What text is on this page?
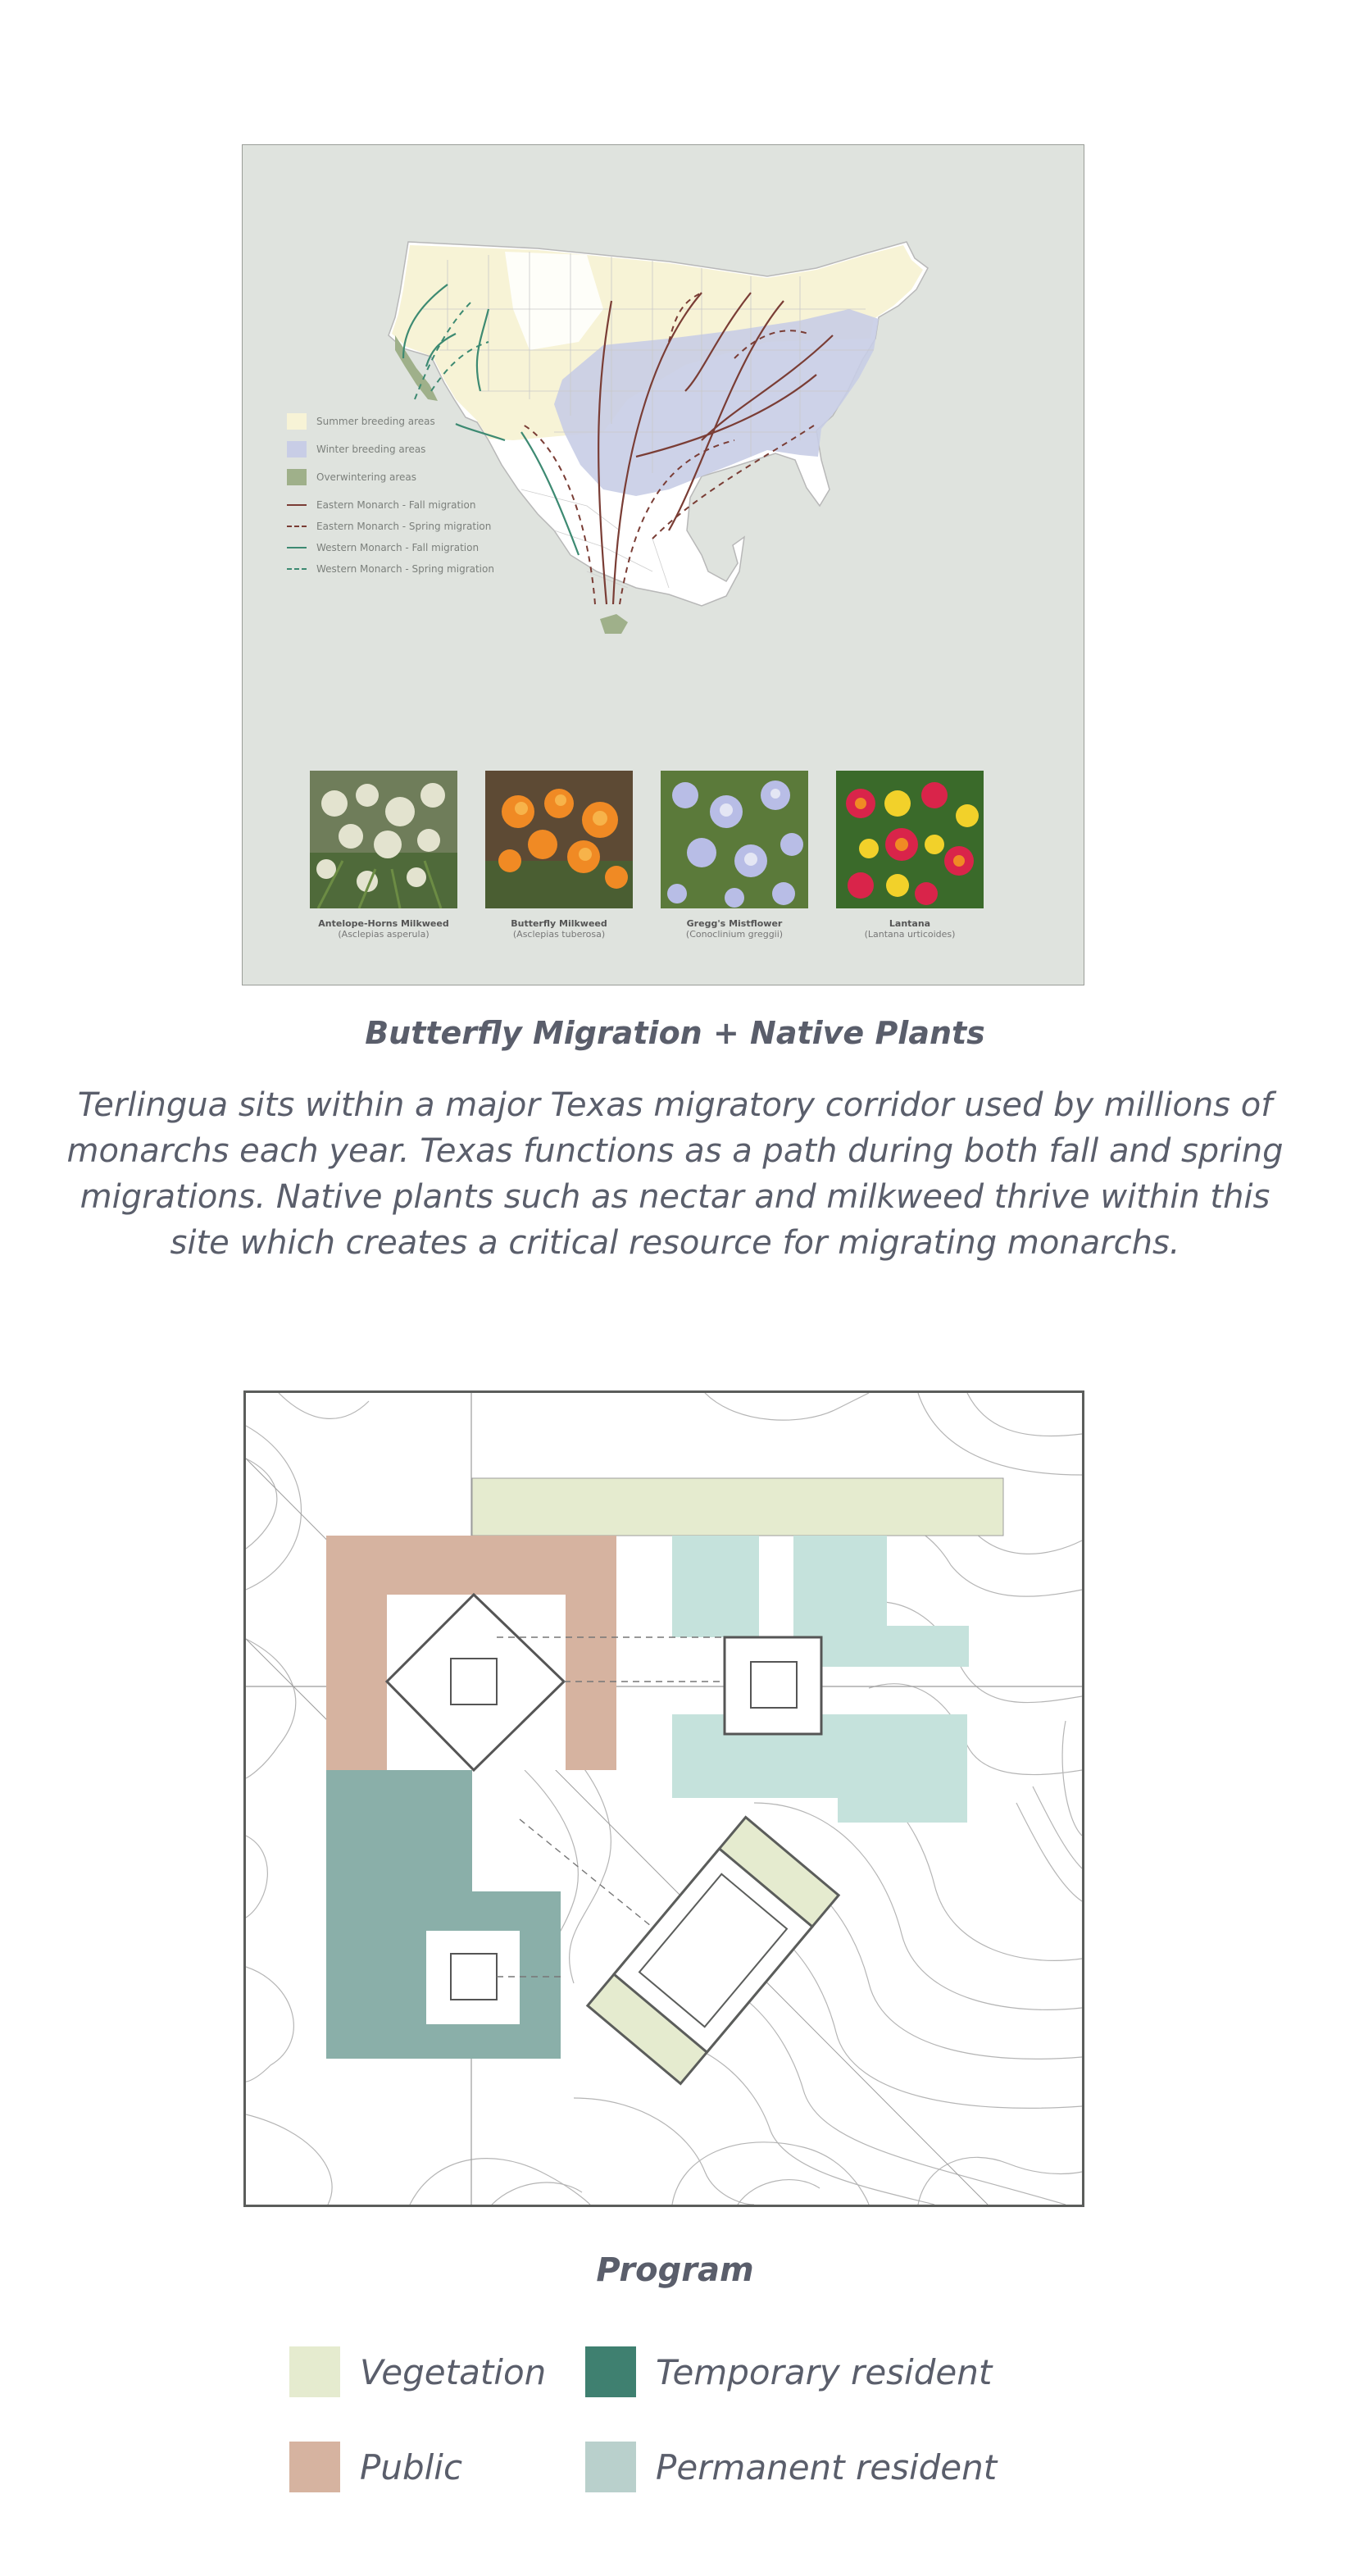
Summer breeding areas
Winter breeding areas
Overwintering areas
Eastern Monarch - Fall migration
Eastern Monarch - Spring migration
Western Monarch - Fall migration
Western Monarch - Spring migration
Antelope-Horns Milkweed
(Asclepias asperula)
Butterfly Milkweed
(Asclepias tuberosa)
Gregg's Mistflower
(Conoclinium greggii)
Lantana
(Lantana urticoides)
Butterfly Migration + Native Plants
Terlingua sits within a major Texas migratory corridor used by millions of monarchs each year. Texas functions as a path during both fall and spring migrations. Native plants such as nectar and milkweed thrive within this site which creates a critical resource for migrating monarchs.
Program
Vegetation	Temporary resident
Public	Permanent resident
